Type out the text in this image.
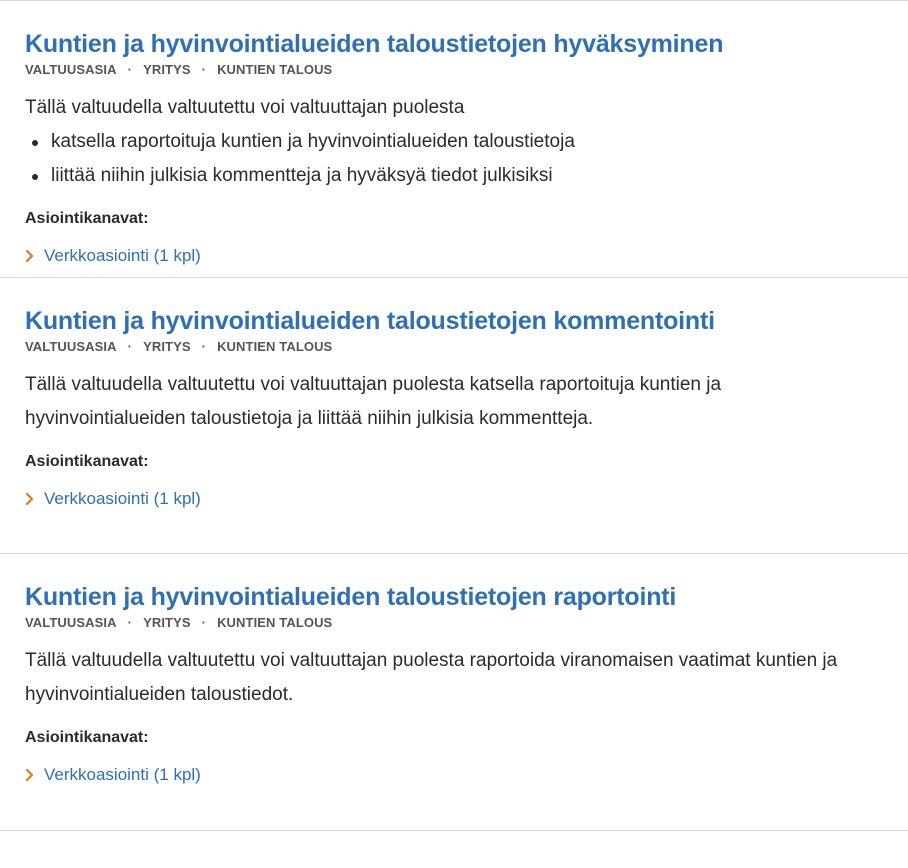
Kuntien ja hyvinvointialueiden taloustietojen hyväksyminen
VALTUUSASIA · YRITYS · KUNTIEN TALOUS
Tällä valtuudella valtuutettu voi valtuuttajan puolesta
katsella raportoituja kuntien ja hyvinvointialueiden taloustietoja
liittää niihin julkisia kommentteja ja hyväksyä tiedot julkisiksi
Asiointikanavat:
Verkkoasiointi (1 kpl)
Kuntien ja hyvinvointialueiden taloustietojen kommentointi
VALTUUSASIA · YRITYS · KUNTIEN TALOUS
Tällä valtuudella valtuutettu voi valtuuttajan puolesta katsella raportoituja kuntien ja hyvinvointialueiden taloustietoja ja liittää niihin julkisia kommentteja.
Asiointikanavat:
Verkkoasiointi (1 kpl)
Kuntien ja hyvinvointialueiden taloustietojen raportointi
VALTUUSASIA · YRITYS · KUNTIEN TALOUS
Tällä valtuudella valtuutettu voi valtuuttajan puolesta raportoida viranomaisen vaatimat kuntien ja hyvinvointialueiden taloustiedot.
Asiointikanavat:
Verkkoasiointi (1 kpl)
